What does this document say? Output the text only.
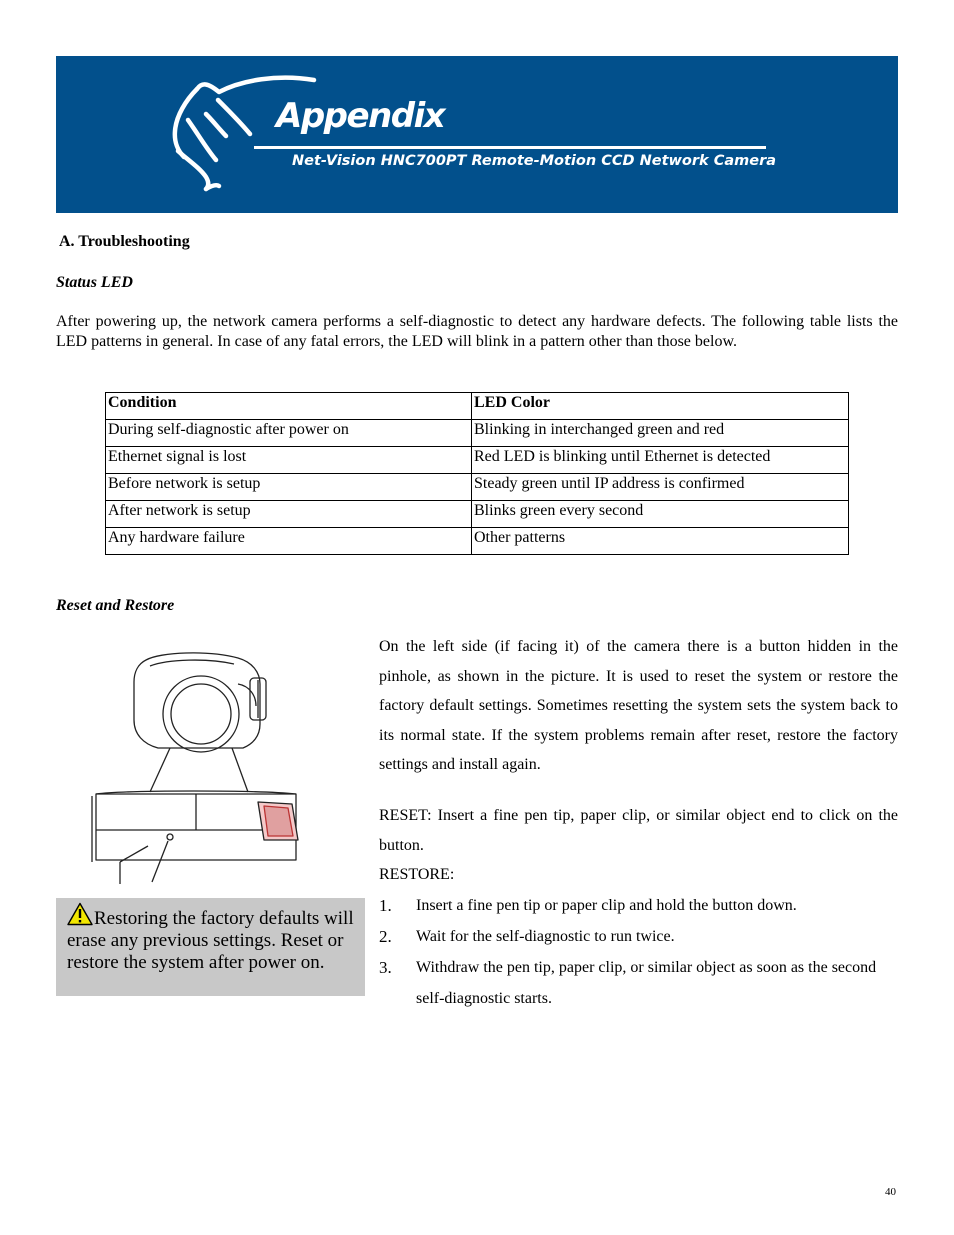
Appendix
Net-Vision HNC700PT Remote-Motion CCD Network Camera
A. Troubleshooting
Status LED

After powering up, the network camera performs a self-diagnostic to detect any hardware defects. The following table lists the LED patterns in general. In case of any fatal errors, the LED will blink in a pattern other than those below.

Condition	LED Color
During self-diagnostic after power on	Blinking in interchanged green and red
Ethernet signal is lost	Red LED is blinking until Ethernet is detected
Before network is setup	Steady green until IP address is confirmed
After network is setup	Blinks green every second
Any hardware failure	Other patterns
Reset and Restore
Restoring the factory defaults will erase any previous settings. Reset or restore the system after power on.

On the left side (if facing it) of the camera there is a button hidden in the pinhole, as shown in the picture. It is used to reset the system or restore the factory default settings. Sometimes resetting the system sets the system back to its normal state. If the system problems remain after reset, restore the factory settings and install again.

RESET: Insert a fine pen tip, paper clip, or similar object end to click on the button.

RESTORE:

1. Insert a fine pen tip or paper clip and hold the button down.
2. Wait for the self-diagnostic to run twice.
3. Withdraw the pen tip, paper clip, or similar object as soon as the second self-diagnostic starts.
40
